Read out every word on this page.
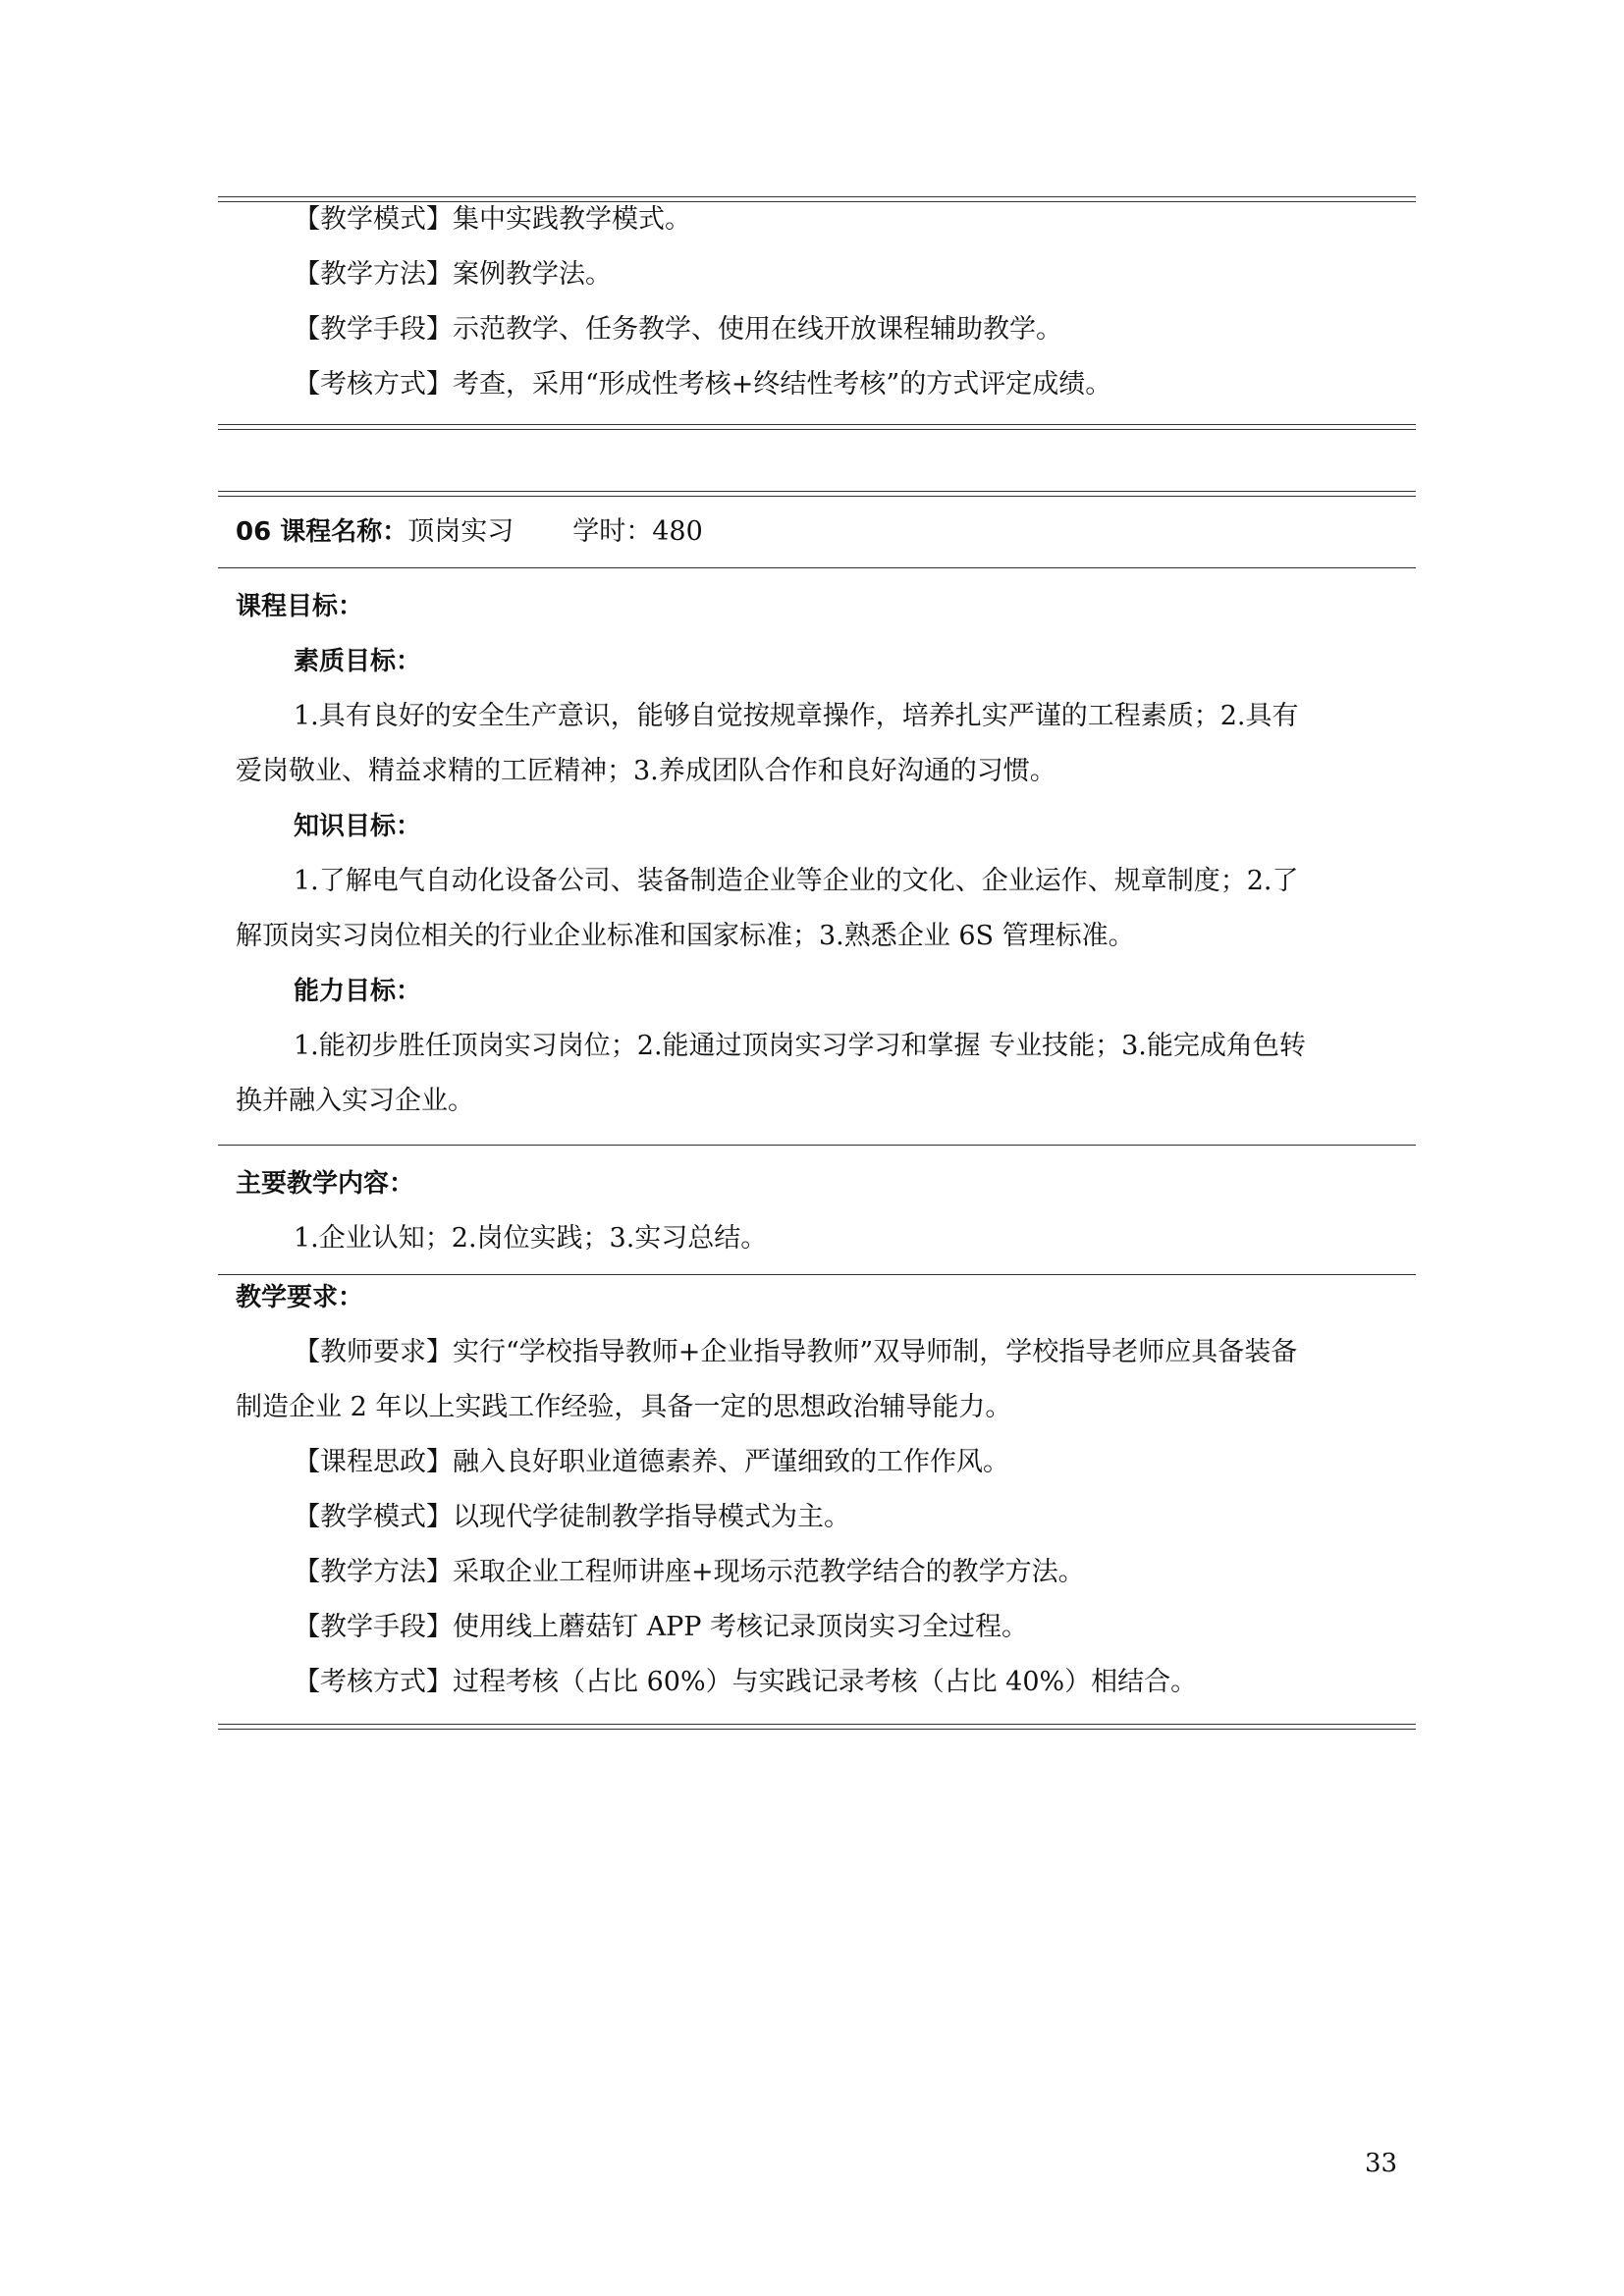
【教学模式】集中实践教学模式。
【教学方法】案例教学法。
【教学手段】示范教学、任务教学、使用在线开放课程辅助教学。
【考核方式】考查，采用“形成性考核+终结性考核”的方式评定成绩。
06 课程名称：顶岗实习 学时：480
课程目标：
素质目标：
1.具有良好的安全生产意识，能够自觉按规章操作，培养扎实严谨的工程素质；2.具有
爱岗敬业、精益求精的工匠精神；3.养成团队合作和良好沟通的习惯。
知识目标：
1.了解电气自动化设备公司、装备制造企业等企业的文化、企业运作、规章制度；2.了
解顶岗实习岗位相关的行业企业标准和国家标准；3.熟悉企业 6S 管理标准。
能力目标：
1.能初步胜任顶岗实习岗位；2.能通过顶岗实习学习和掌握 专业技能；3.能完成角色转
换并融入实习企业。
主要教学内容：
1.企业认知；2.岗位实践；3.实习总结。
教学要求：
【教师要求】实行“学校指导教师+企业指导教师”双导师制，学校指导老师应具备装备
制造企业 2 年以上实践工作经验，具备一定的思想政治辅导能力。
【课程思政】融入良好职业道德素养、严谨细致的工作作风。
【教学模式】以现代学徒制教学指导模式为主。
【教学方法】采取企业工程师讲座+现场示范教学结合的教学方法。
【教学手段】使用线上蘑菇钉 APP 考核记录顶岗实习全过程。
【考核方式】过程考核（占比 60%）与实践记录考核（占比 40%）相结合。
33
